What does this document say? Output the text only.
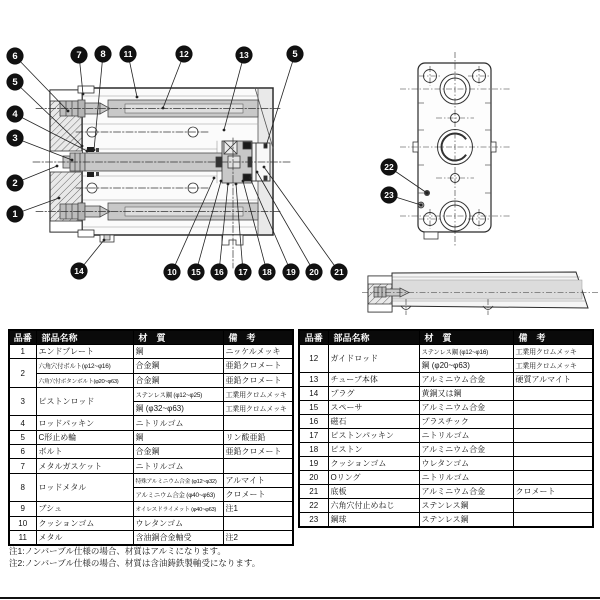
6
5
4
3
2
1
7 8 11	12	13	5
14	10 15 16 17 18 19 20 21
22
23
品番	部品名称	材　質	備　考
1	エンドプレート	鋼	ニッケルメッキ
2	六角穴付ボルト(φ12~φ16)	合金鋼	亜鉛クロメート
	六角穴付ボタンボルト(φ20~φ63)	合金鋼	亜鉛クロメート
3	ピストンロッド	ステンレス鋼 (φ12~φ25)	工業用クロムメッキ
		鋼 (φ32~φ63)	工業用クロムメッキ
4	ロッドパッキン	ニトリルゴム	
5	C形止め輪	鋼	リン酸亜鉛
6	ボルト	合金鋼	亜鉛クロメート
7	メタルガスケット	ニトリルゴム	
8	ロッドメタル	特殊アルミニウム合金 (φ12~φ32)	アルマイト
		アルミニウム合金 (φ40~φ63)	クロメート
9	ブシュ	オイレスドライメット (φ40~φ63)	注1
10	クッションゴム	ウレタンゴム	
11	メタル	含油銅合金軸受	注2
品番	部品名称	材　質	備　考
12	ガイドロッド	ステンレス鋼 (φ12~φ16)	工業用クロムメッキ
		鋼 (φ20~φ63)	工業用クロムメッキ
13	チューブ本体	アルミニウム合金	硬質アルマイト
14	プラグ	黄銅又は鋼	
15	スペーサ	アルミニウム合金	
16	磁石	プラスチック	
17	ピストンパッキン	ニトリルゴム	
18	ピストン	アルミニウム合金	
19	クッションゴム	ウレタンゴム	
20	Oリング	ニトリルゴム	
21	底板	アルミニウム合金	クロメート
22	六角穴付止めねじ	ステンレス鋼	
23	鋼球	ステンレス鋼	
注1:ノンバーブル仕様の場合、材質はアルミになります。
注2:ノンバーブル仕様の場合、材質は含油鋳鉄製軸受になります。
